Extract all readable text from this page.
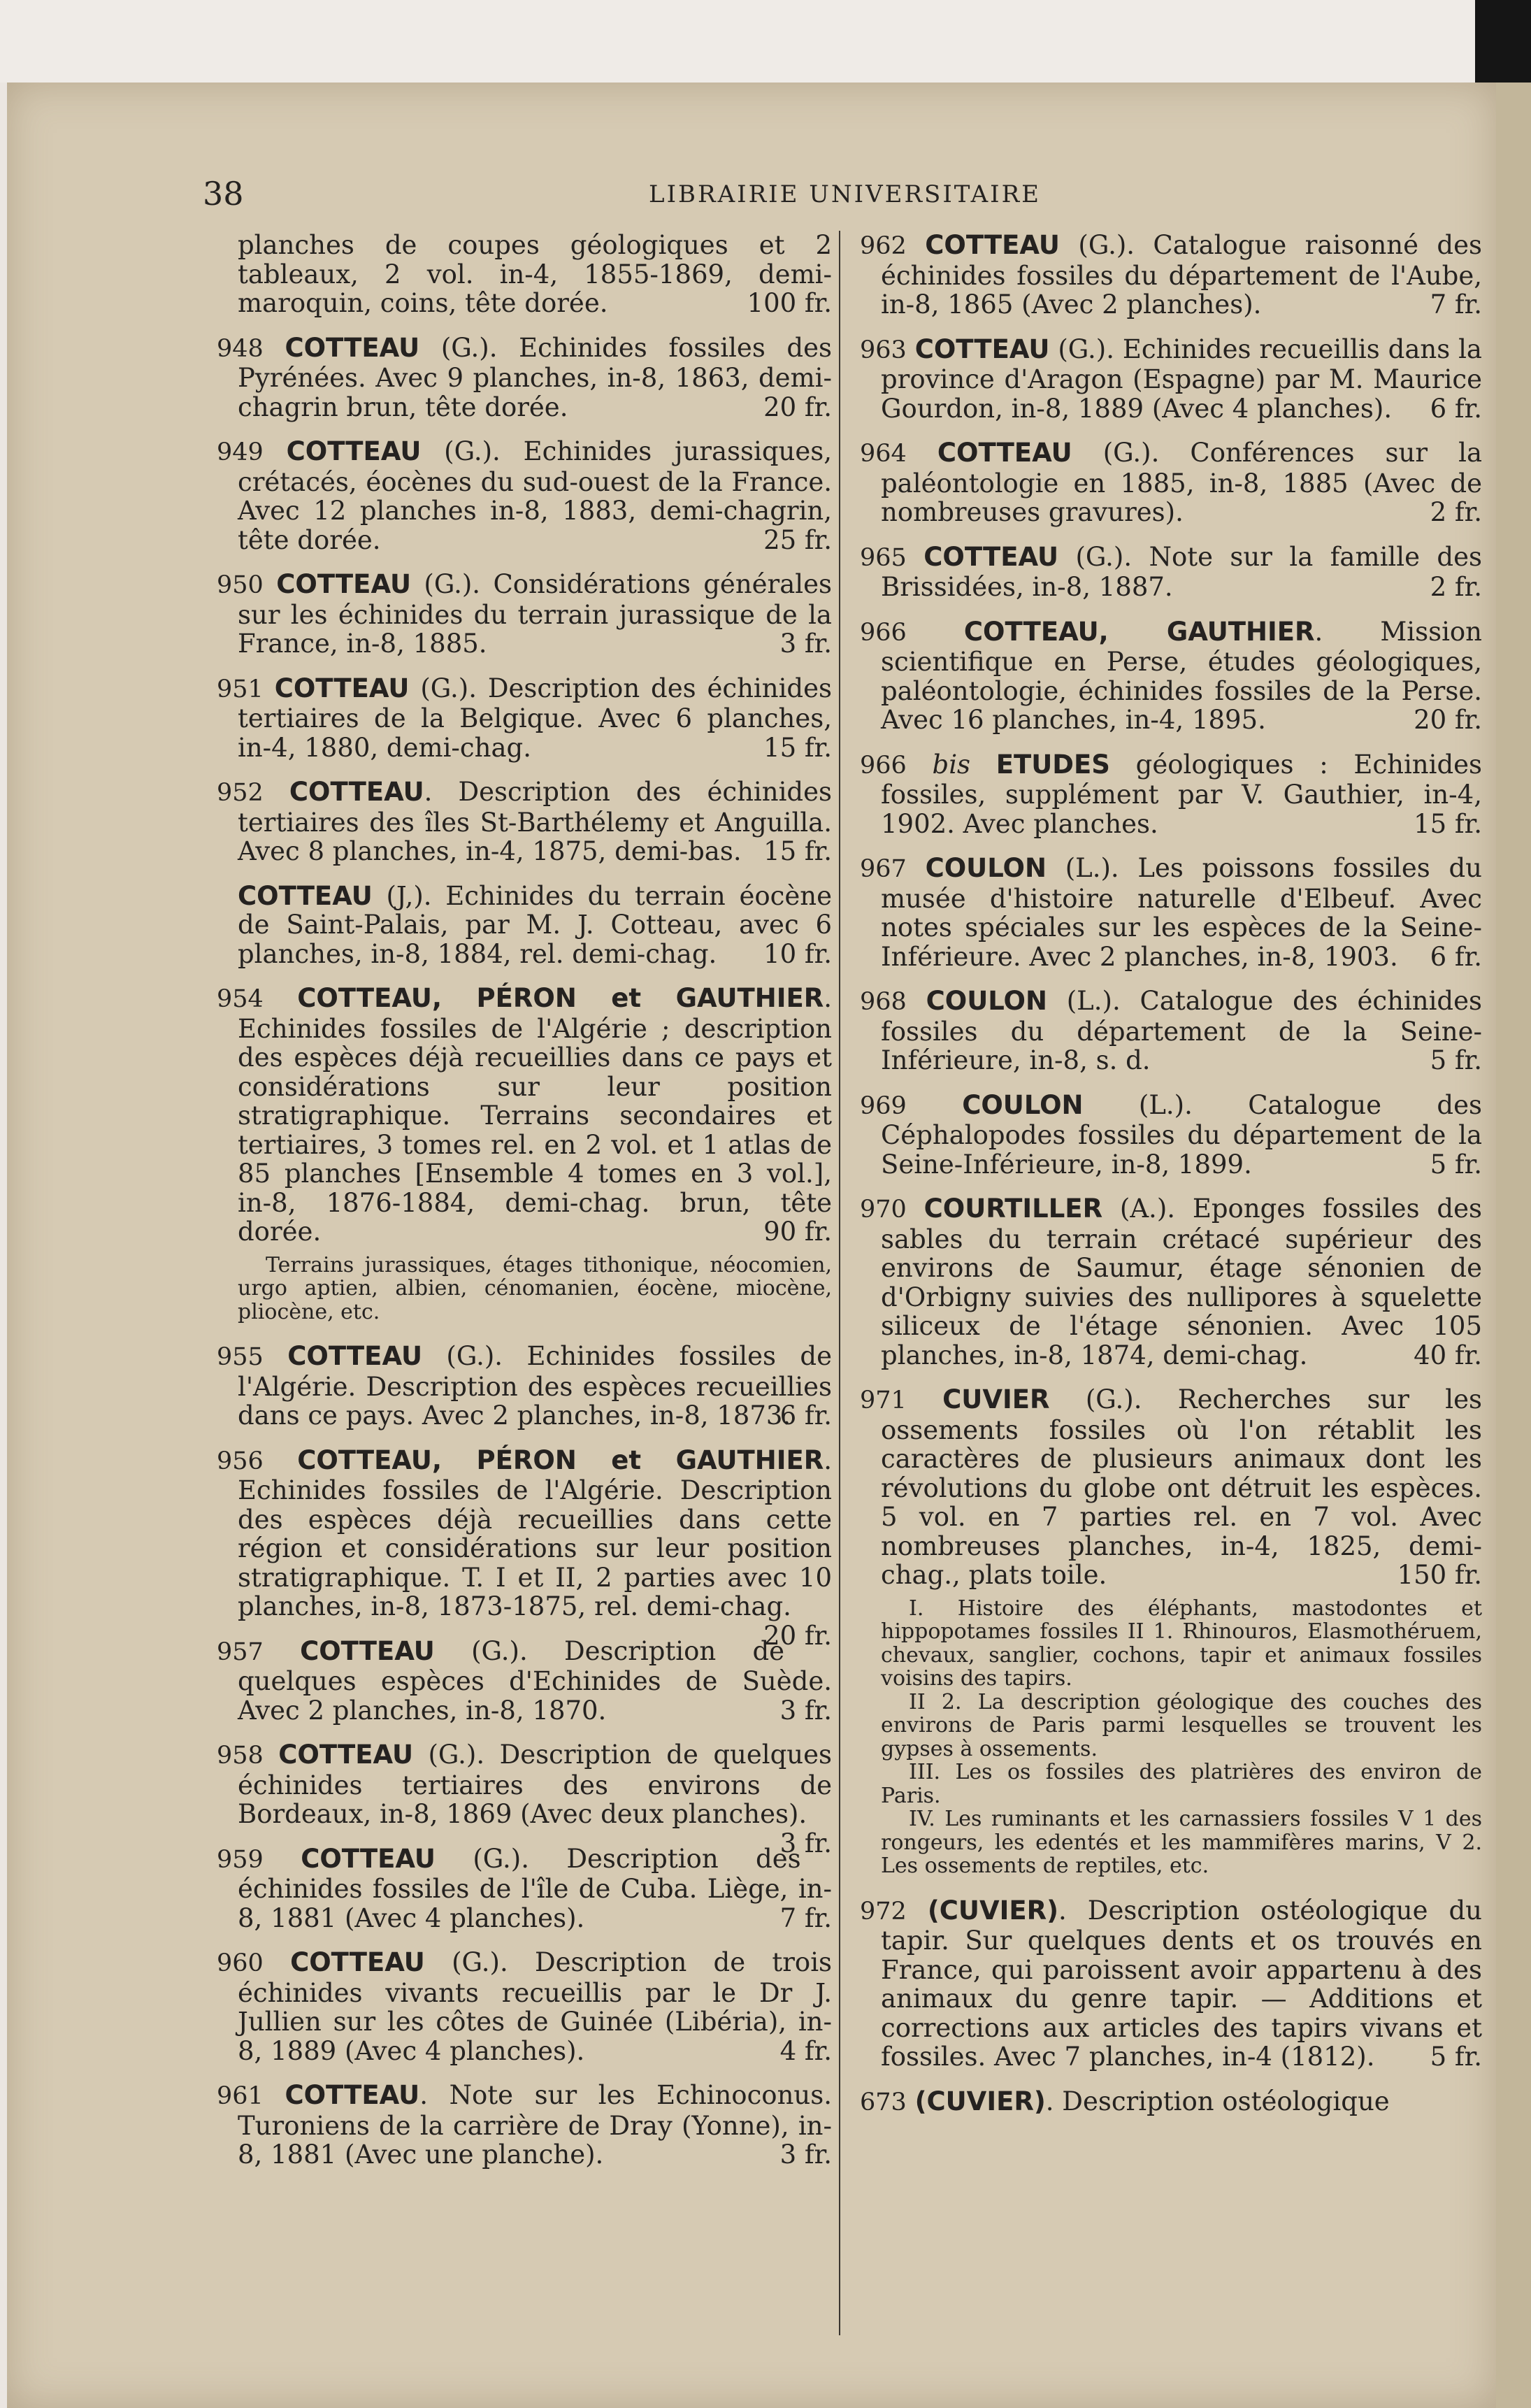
38	LIBRAIRIE UNIVERSITAIRE

planches de coupes géologiques et 2 tableaux, 2 vol. in-4, 1855-1869, demi-maroquin, coins, tête dorée.	100 fr.

948 COTTEAU (G.). Echinides fossiles des Pyrénées. Avec 9 planches, in-8, 1863, demi-chagrin brun, tête dorée.	20 fr.

949 COTTEAU (G.). Echinides jurassiques, crétacés, éocènes du sud-ouest de la France. Avec 12 planches in-8, 1883, demi-chagrin, tête dorée.	25 fr.

950 COTTEAU (G.). Considérations générales sur les échinides du terrain jurassique de la France, in-8, 1885.	3 fr.

951 COTTEAU (G.). Description des échinides tertiaires de la Belgique. Avec 6 planches, in-4, 1880, demi-chag.	15 fr.

952 COTTEAU. Description des échinides tertiaires des îles St-Barthélemy et Anguilla. Avec 8 planches, in-4, 1875, demi-bas. 15 fr.

COTTEAU (J,). Echinides du terrain éocène de Saint-Palais, par M. J. Cotteau, avec 6 planches, in-8, 1884, rel. demi-chag. 10 fr.

954 COTTEAU, PÉRON et GAUTHIER. Echinides fossiles de l'Algérie ; description des espèces déjà recueillies dans ce pays et considérations sur leur position stratigraphique. Terrains secondaires et tertiaires, 3 tomes rel. en 2 vol. et 1 atlas de 85 planches [Ensemble 4 tomes en 3 vol.], in-8, 1876-1884, demi-chag. brun, tête dorée.	90 fr.

Terrains jurassiques, étages tithonique, néocomien, urgo aptien, albien, cénomanien, éocène, miocène, pliocène, etc.

955 COTTEAU (G.). Echinides fossiles de l'Algérie. Description des espèces recueillies dans ce pays. Avec 2 planches, in-8, 1873.
6 fr.

956 COTTEAU, PÉRON et GAUTHIER. Echinides fossiles de l'Algérie. Description des espèces déjà recueillies dans cette région et considérations sur leur position stratigraphique. T. I et II, 2 parties avec 10 planches, in-8, 1873-1875, rel. demi-chag.
20 fr.

957 COTTEAU (G.). Description de quelques espèces d'Echinides de Suède. Avec 2 planches, in-8, 1870.	3 fr.

958 COTTEAU (G.). Description de quelques échinides tertiaires des environs de Bordeaux, in-8, 1869 (Avec deux planches).
3 fr.

959 COTTEAU (G.). Description des échinides fossiles de l'île de Cuba. Liège, in-8, 1881 (Avec 4 planches).	7 fr.

960 COTTEAU (G.). Description de trois échinides vivants recueillis par le Dr J. Jullien sur les côtes de Guinée (Libéria), in-8, 1889 (Avec 4 planches).	4 fr.

961 COTTEAU. Note sur les Echinoconus. Turoniens de la carrière de Dray (Yonne), in-8, 1881 (Avec une planche).	3 fr.

962 COTTEAU (G.). Catalogue raisonné des échinides fossiles du département de l'Aube, in-8, 1865 (Avec 2 planches).	7 fr.

963 COTTEAU (G.). Echinides recueillis dans la province d'Aragon (Espagne) par M. Maurice Gourdon, in-8, 1889 (Avec 4 planches). 6 fr.

964 COTTEAU (G.). Conférences sur la paléontologie en 1885, in-8, 1885 (Avec de nombreuses gravures).	2 fr.

965 COTTEAU (G.). Note sur la famille des Brissidées, in-8, 1887.	2 fr.

966 COTTEAU, GAUTHIER. Mission scientifique en Perse, études géologiques, paléontologie, échinides fossiles de la Perse. Avec 16 planches, in-4, 1895.	20 fr.

966 bis ETUDES géologiques : Echinides fossiles, supplément par V. Gauthier, in-4, 1902. Avec planches.	15 fr.

967 COULON (L.). Les poissons fossiles du musée d'histoire naturelle d'Elbeuf. Avec notes spéciales sur les espèces de la Seine-Inférieure. Avec 2 planches, in-8, 1903. 6 fr.

968 COULON (L.). Catalogue des échinides fossiles du département de la Seine-Inférieure, in-8, s. d.	5 fr.

969 COULON (L.). Catalogue des Céphalopodes fossiles du département de la Seine-Inférieure, in-8, 1899.	5 fr.

970 COURTILLER (A.). Eponges fossiles des sables du terrain crétacé supérieur des environs de Saumur, étage sénonien de d'Orbigny suivies des nullipores à squelette siliceux de l'étage sénonien. Avec 105 planches, in-8, 1874, demi-chag.	40 fr.

971 CUVIER (G.). Recherches sur les ossements fossiles où l'on rétablit les caractères de plusieurs animaux dont les révolutions du globe ont détruit les espèces. 5 vol. en 7 parties rel. en 7 vol. Avec nombreuses planches, in-4, 1825, demi-chag., plats toile.	150 fr.

I. Histoire des éléphants, mastodontes et hippopotames fossiles II 1. Rhinouros, Elasmothéruem, chevaux, sanglier, cochons, tapir et animaux fossiles voisins des tapirs.

II 2. La description géologique des couches des environs de Paris parmi lesquelles se trouvent les gypses à ossements.

III. Les os fossiles des platrières des environ de Paris.

IV. Les ruminants et les carnassiers fossiles V 1 des rongeurs, les edentés et les mammifères marins, V 2. Les ossements de reptiles, etc.

972 (CUVIER). Description ostéologique du tapir. Sur quelques dents et os trouvés en France, qui paroissent avoir appartenu à des animaux du genre tapir. — Additions et corrections aux articles des tapirs vivans et fossiles. Avec 7 planches, in-4 (1812). 5 fr.

673 (CUVIER). Description ostéologique
